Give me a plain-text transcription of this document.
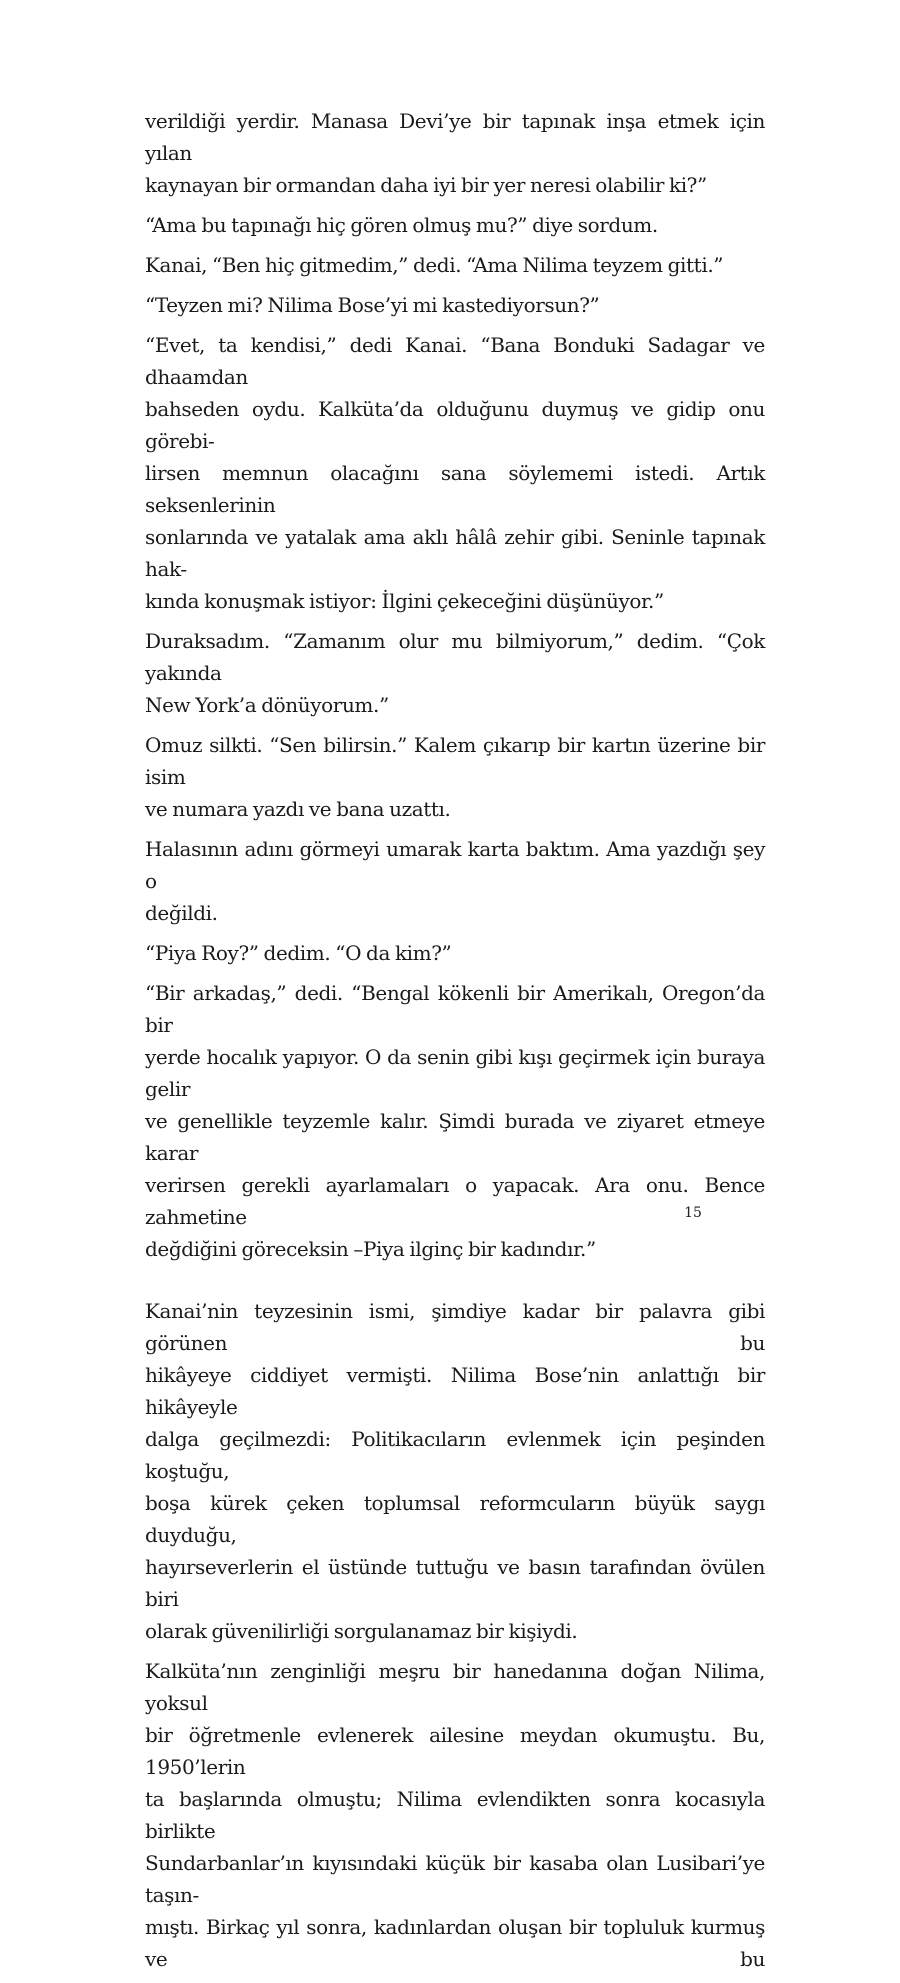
verildiği yerdir. Manasa Devi’ye bir tapınak inşa etmek için yılan
kaynayan bir ormandan daha iyi bir yer neresi olabilir ki?”

“Ama bu tapınağı hiç gören olmuş mu?” diye sordum.

Kanai, “Ben hiç gitmedim,” dedi. “Ama Nilima teyzem gitti.”

“Teyzen mi? Nilima Bose’yi mi kastediyorsun?”

“Evet, ta kendisi,” dedi Kanai. “Bana Bonduki Sadagar ve dhaamdan
bahseden oydu. Kalküta’da olduğunu duymuş ve gidip onu görebi-
lirsen memnun olacağını sana söylememi istedi. Artık seksenlerinin
sonlarında ve yatalak ama aklı hâlâ zehir gibi. Seninle tapınak hak-
kında konuşmak istiyor: İlgini çekeceğini düşünüyor.”

Duraksadım. “Zamanım olur mu bilmiyorum,” dedim. “Çok yakında
New York’a dönüyorum.”

Omuz silkti. “Sen bilirsin.” Kalem çıkarıp bir kartın üzerine bir isim
ve numara yazdı ve bana uzattı.

Halasının adını görmeyi umarak karta baktım. Ama yazdığı şey o
değildi.

“Piya Roy?” dedim. “O da kim?”

“Bir arkadaş,” dedi. “Bengal kökenli bir Amerikalı, Oregon’da bir
yerde hocalık yapıyor. O da senin gibi kışı geçirmek için buraya gelir
ve genellikle teyzemle kalır. Şimdi burada ve ziyaret etmeye karar
verirsen gerekli ayarlamaları o yapacak. Ara onu. Bence zahmetine
değdiğini göreceksin –Piya ilginç bir kadındır.”

Kanai’nin teyzesinin ismi, şimdiye kadar bir palavra gibi görünen bu
hikâyeye ciddiyet vermişti. Nilima Bose’nin anlattığı bir hikâyeyle
dalga geçilmezdi: Politikacıların evlenmek için peşinden koştuğu,
boşa kürek çeken toplumsal reformcuların büyük saygı duyduğu,
hayırseverlerin el üstünde tuttuğu ve basın tarafından övülen biri
olarak güvenilirliği sorgulanamaz bir kişiydi.

Kalküta’nın zenginliği meşru bir hanedanına doğan Nilima, yoksul
bir öğretmenle evlenerek ailesine meydan okumuştu. Bu, 1950’lerin
ta başlarında olmuştu; Nilima evlendikten sonra kocasıyla birlikte
Sundarbanlar’ın kıyısındaki küçük bir kasaba olan Lusibari’ye taşın-
mıştı. Birkaç yıl sonra, kadınlardan oluşan bir topluluk kurmuş ve bu

15
